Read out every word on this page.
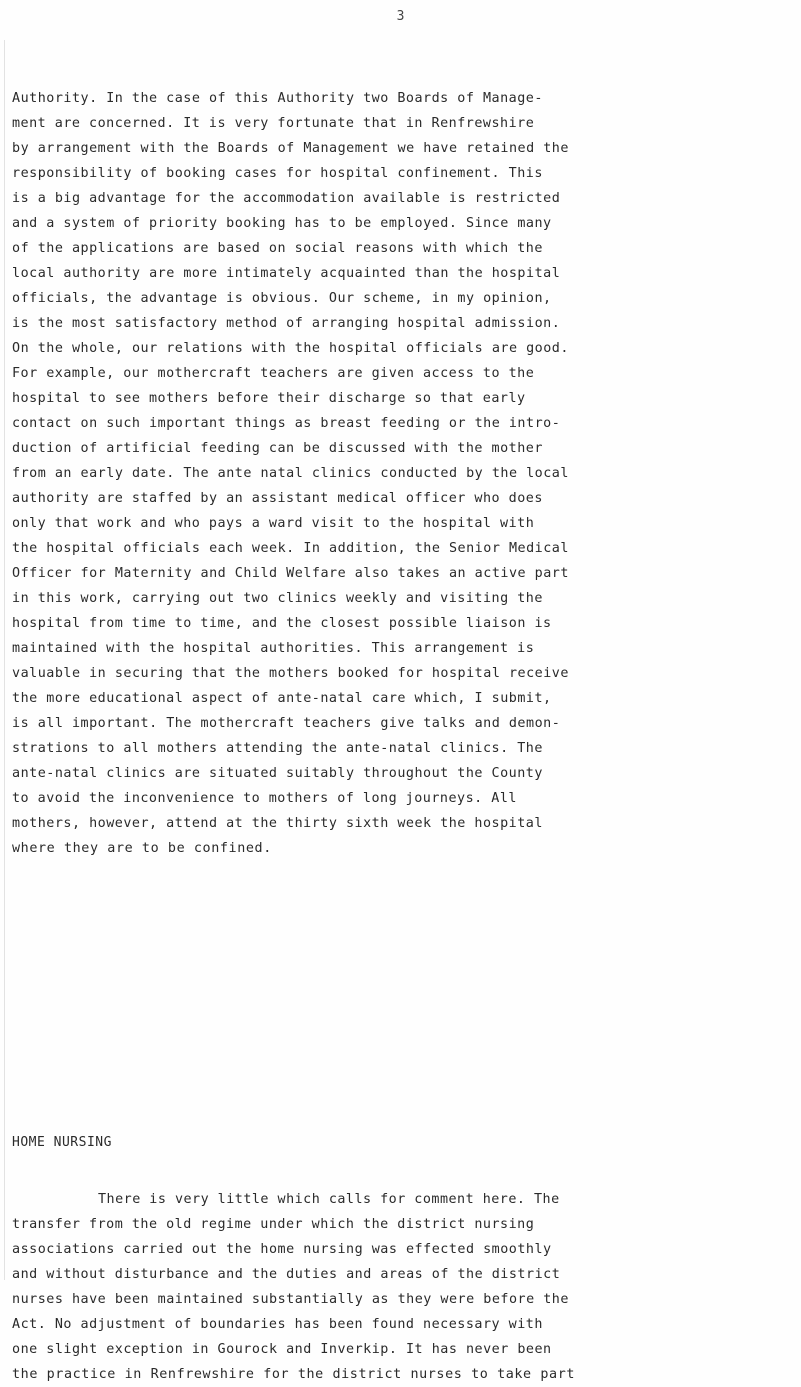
3
Authority. In the case of this Authority two Boards of Manage-
ment are concerned. It is very fortunate that in Renfrewshire
by arrangement with the Boards of Management we have retained the
responsibility of booking cases for hospital confinement. This
is a big advantage for the accommodation available is restricted
and a system of priority booking has to be employed. Since many
of the applications are based on social reasons with which the
local authority are more intimately acquainted than the hospital
officials, the advantage is obvious. Our scheme, in my opinion,
is the most satisfactory method of arranging hospital admission.
On the whole, our relations with the hospital officials are good.
For example, our mothercraft teachers are given access to the
hospital to see mothers before their discharge so that early
contact on such important things as breast feeding or the intro-
duction of artificial feeding can be discussed with the mother
from an early date. The ante natal clinics conducted by the local
authority are staffed by an assistant medical officer who does
only that work and who pays a ward visit to the hospital with
the hospital officials each week. In addition, the Senior Medical
Officer for Maternity and Child Welfare also takes an active part
in this work, carrying out two clinics weekly and visiting the
hospital from time to time, and the closest possible liaison is
maintained with the hospital authorities. This arrangement is
valuable in securing that the mothers booked for hospital receive
the more educational aspect of ante-natal care which, I submit,
is all important. The mothercraft teachers give talks and demon-
strations to all mothers attending the ante-natal clinics. The
ante-natal clinics are situated suitably throughout the County
to avoid the inconvenience to mothers of long journeys. All
mothers, however, attend at the thirty sixth week the hospital
where they are to be confined.
HOME NURSING
There is very little which calls for comment here. The
transfer from the old regime under which the district nursing
associations carried out the home nursing was effected smoothly
and without disturbance and the duties and areas of the district
nurses have been maintained substantially as they were before the
Act. No adjustment of boundaries has been found necessary with
one slight exception in Gourock and Inverkip. It has never been
the practice in Renfrewshire for the district nurses to take part
